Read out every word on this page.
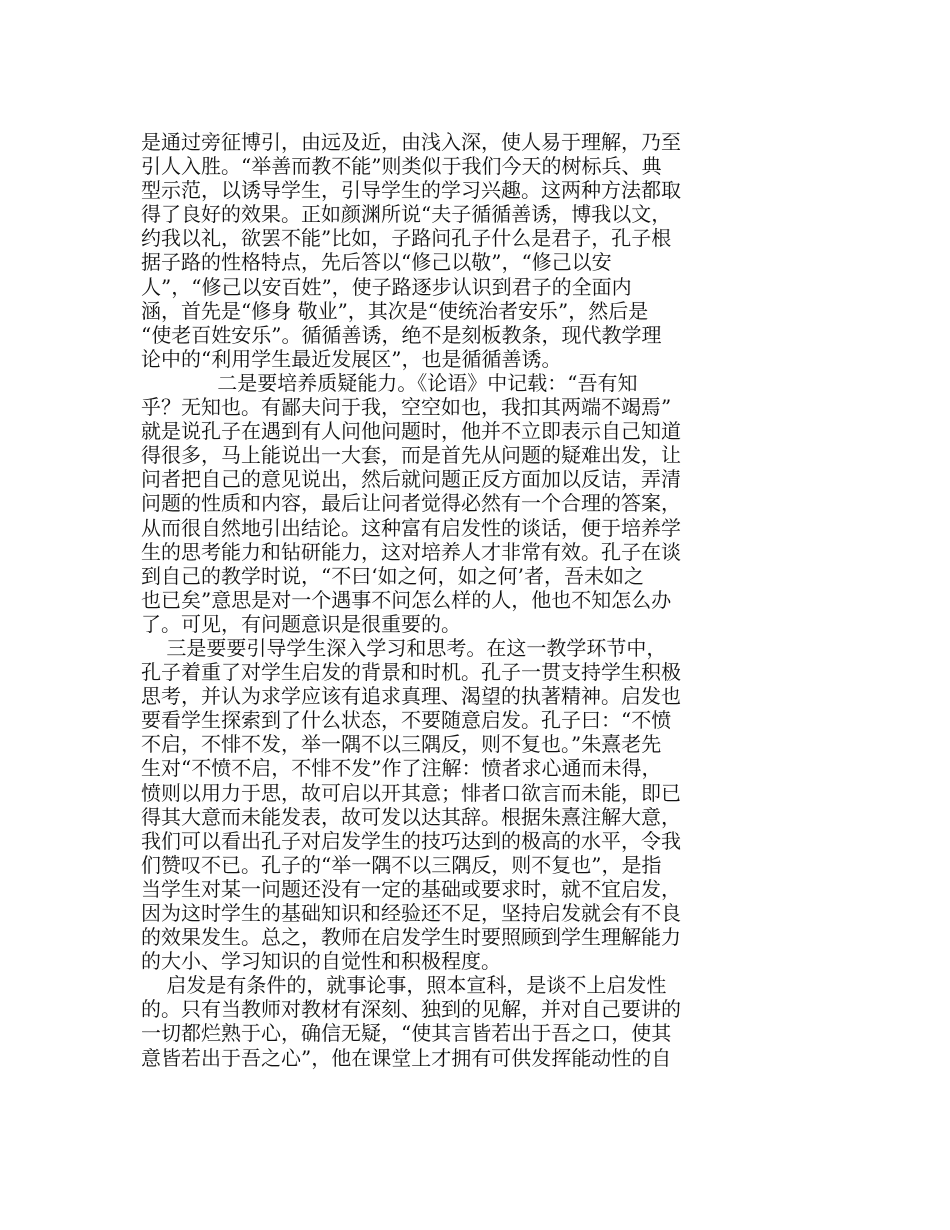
是通过旁征博引，由远及近，由浅入深，使人易于理解，乃至
引人入胜。“举善而教不能”则类似于我们今天的树标兵、典
型示范，以诱导学生，引导学生的学习兴趣。这两种方法都取
得了良好的效果。正如颜渊所说“夫子循循善诱，博我以文，
约我以礼，欲罢不能”比如，子路问孔子什么是君子，孔子根
据子路的性格特点，先后答以“修己以敬”，“修己以安
人”，“修己以安百姓”，使子路逐步认识到君子的全面内
涵，首先是“修身 敬业”，其次是“使统治者安乐”，然后是
“使老百姓安乐”。循循善诱，绝不是刻板教条，现代教学理
论中的“利用学生最近发展区”，也是循循善诱。
二是要培养质疑能力。《论语》中记载：“吾有知
乎？无知也。有鄙夫问于我，空空如也，我扣其两端不竭焉”
就是说孔子在遇到有人问他问题时，他并不立即表示自己知道
得很多，马上能说出一大套，而是首先从问题的疑难出发，让
问者把自己的意见说出，然后就问题正反方面加以反诘，弄清
问题的性质和内容，最后让问者觉得必然有一个合理的答案，
从而很自然地引出结论。这种富有启发性的谈话，便于培养学
生的思考能力和钻研能力，这对培养人才非常有效。孔子在谈
到自己的教学时说，“不曰‘如之何，如之何’者，吾未如之
也已矣”意思是对一个遇事不问怎么样的人，他也不知怎么办
了。可见，有问题意识是很重要的。
三是要要引导学生深入学习和思考。在这一教学环节中，
孔子着重了对学生启发的背景和时机。孔子一贯支持学生积极
思考，并认为求学应该有追求真理、渴望的执著精神。启发也
要看学生探索到了什么状态，不要随意启发。孔子曰：“不愤
不启，不悱不发，举一隅不以三隅反，则不复也。”朱熹老先
生对“不愤不启，不悱不发”作了注解：愤者求心通而未得，
愤则以用力于思，故可启以开其意；悱者口欲言而未能，即已
得其大意而未能发表，故可发以达其辞。根据朱熹注解大意，
我们可以看出孔子对启发学生的技巧达到的极高的水平，令我
们赞叹不已。孔子的“举一隅不以三隅反，则不复也”，是指
当学生对某一问题还没有一定的基础或要求时，就不宜启发，
因为这时学生的基础知识和经验还不足，坚持启发就会有不良
的效果发生。总之，教师在启发学生时要照顾到学生理解能力
的大小、学习知识的自觉性和积极程度。
启发是有条件的，就事论事，照本宣科，是谈不上启发性
的。只有当教师对教材有深刻、独到的见解，并对自己要讲的
一切都烂熟于心，确信无疑，“使其言皆若出于吾之口，使其
意皆若出于吾之心”，他在课堂上才拥有可供发挥能动性的自
